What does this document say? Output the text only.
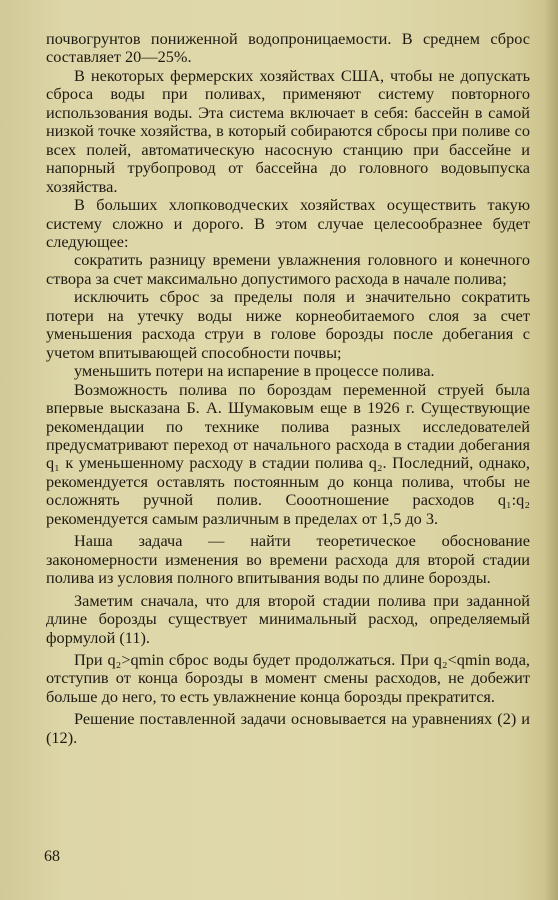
почвогрунтов пониженной водопроницаемости. В среднем сброс составляет 20—25%.

В некоторых фермерских хозяйствах США, чтобы не допускать сброса воды при поливах, применяют систему повторного использования воды. Эта система включает в себя: бассейн в самой низкой точке хозяйства, в который собираются сбросы при поливе со всех полей, автоматическую насосную станцию при бассейне и напорный трубопровод от бассейна до головного водовыпуска хозяйства.

В больших хлопководческих хозяйствах осуществить такую систему сложно и дорого. В этом случае целесообразнее будет следующее:

сократить разницу времени увлажнения головного и конечного створа за счет максимально допустимого расхода в начале полива;

исключить сброс за пределы поля и значительно сократить потери на утечку воды ниже корнеобитаемого слоя за счет уменьшения расхода струи в голове борозды после добегания с учетом впитывающей способности почвы;

уменьшить потери на испарение в процессе полива.

Возможность полива по бороздам переменной струей была впервые высказана Б. А. Шумаковым еще в 1926 г. Существующие рекомендации по технике полива разных исследователей предусматривают переход от начального расхода в стадии добегания q₁ к уменьшенному расходу в стадии полива q₂. Последний, однако, рекомендуется оставлять постоянным до конца полива, чтобы не осложнять ручной полив. Сооотношение расходов q₁:q₂ рекомендуется самым различным в пределах от 1,5 до 3.

Наша задача — найти теоретическое обоснование закономерности изменения во времени расхода для второй стадии полива из условия полного впитывания воды по длине борозды.

Заметим сначала, что для второй стадии полива при заданной длине борозды существует минимальный расход, определяемый формулой (11).

При q₂>qmin сброс воды будет продолжаться. При q₂<qmin вода, отступив от конца борозды в момент смены расходов, не добежит больше до него, то есть увлажнение конца борозды прекратится.

Решение поставленной задачи основывается на уравнениях (2) и (12).

68
